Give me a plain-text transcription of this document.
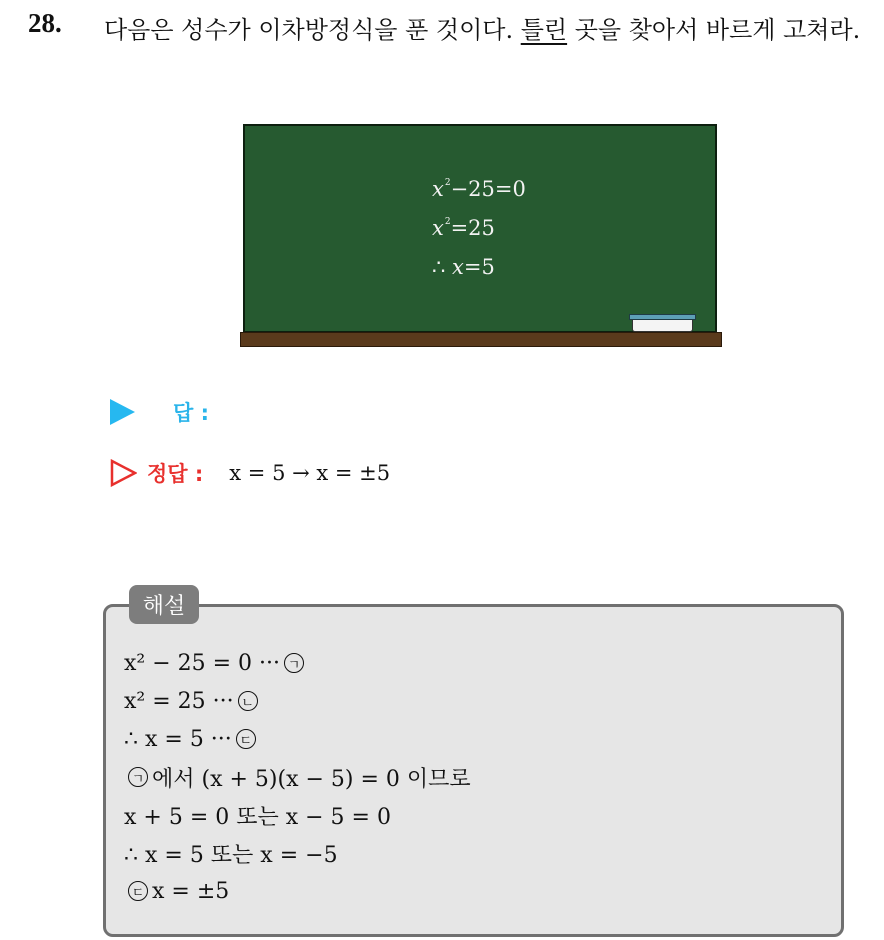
28. 다음은 성수가 이차방정식을 푼 것이다. 틀린 곳을 찾아서 바르게 고쳐라.
$x^2-25=0$
$x^2=25$
∴ x=5
답 :
정답 : x = 5 → x = ±5
해설
x² − 25 = 0 ··· ㄱ
x² = 25 ··· ㄴ
∴ x = 5 ··· ㄷ
ㄱ 에서 (x + 5)(x − 5) = 0 이므로
x + 5 = 0 또는 x − 5 = 0
∴ x = 5 또는 x = −5
ㄷ x = ±5
